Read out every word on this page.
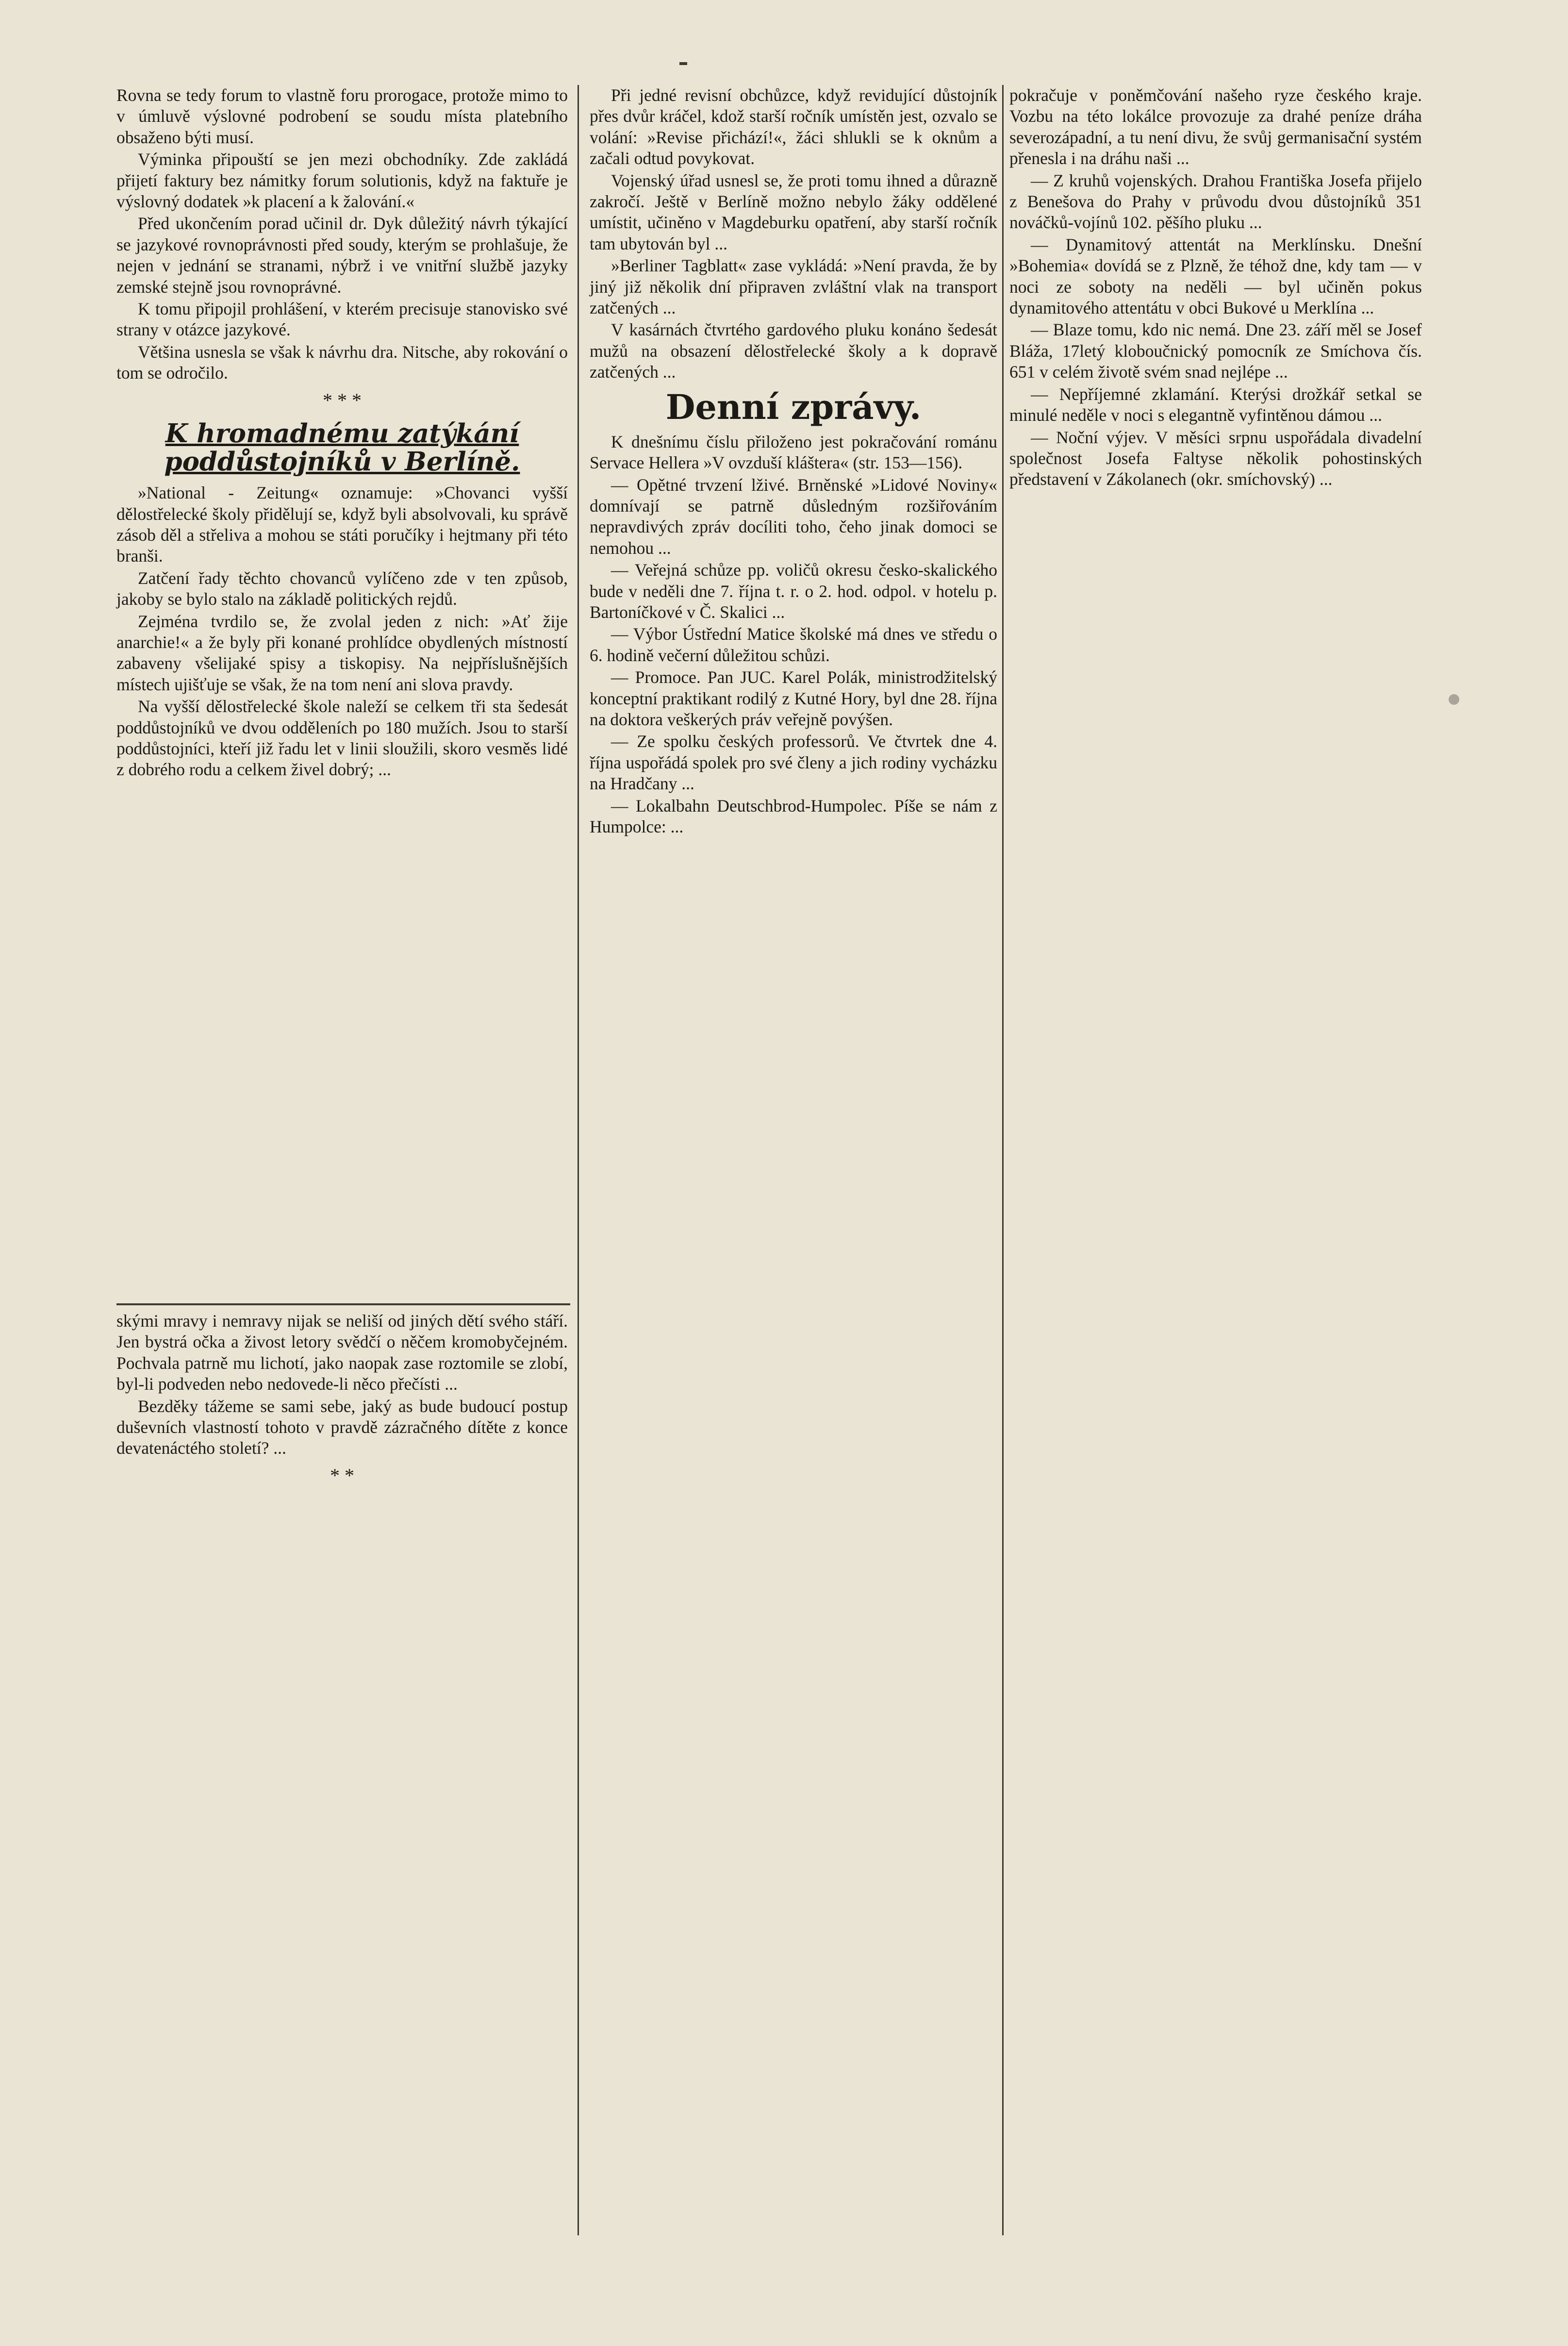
Rovna se tedy forum to vlastně foru prorogace, protože mimo to v úmluvě výslovné podrobení se soudu místa platebního obsaženo býti musí.

Výminka připouští se jen mezi obchodníky. Zde zakládá přijetí faktury bez námitky forum solutionis, když na faktuře je výslovný dodatek »k placení a k žalování.«

Před ukončením porad učinil dr. Dyk důležitý návrh týkající se jazykové rovnoprávnosti před soudy, kterým se prohlašuje, že nejen v jednání se stranami, nýbrž i ve vnitřní službě jazyky zemské stejně jsou rovnoprávné.

K tomu připojil prohlášení, v kterém precisuje stanovisko své strany v otázce jazykové.

Většina usnesla se však k návrhu dra. Nitsche, aby rokování o tom se odročilo.

* * *
K hromadnému zatýkání poddůstojníků v Berlíně.

»National - Zeitung« oznamuje: »Chovanci vyšší dělostřelecké školy přidělují se, když byli absolvovali, ku správě zásob děl a střeliva a mohou se státi poručíky i hejtmany při této branši.

Zatčení řady těchto chovanců vylíčeno zde v ten způsob, jakoby se bylo stalo na základě politických rejdů.

Zejména tvrdilo se, že zvolal jeden z nich: »Ať žije anarchie!« a že byly při konané prohlídce obydlených místností zabaveny všelijaké spisy a tiskopisy. Na nejpříslušnějších místech ujišťuje se však, že na tom není ani slova pravdy.

Na vyšší dělostřelecké škole naleží se celkem tři sta šedesát poddůstojníků ve dvou odděleních po 180 mužích. Jsou to starší poddůstojníci, kteří již řadu let v linii sloužili, skoro vesměs lidé z dobrého rodu a celkem živel dobrý; ...

skými mravy i nemravy nijak se neliší od jiných dětí svého stáří. Jen bystrá očka a živost letory svědčí o něčem kromobyčejném. Pochvala patrně mu lichotí, jako naopak zase roztomile se zlobí, byl-li podveden nebo nedovede-li něco přečísti ...

Bezděky tážeme se sami sebe, jaký as bude budoucí postup duševních vlastností tohoto v pravdě zázračného dítěte z konce devatenáctého století? ...

* *

Při jedné revisní obchůzce, když revidující důstojník přes dvůr kráčel, kdož starší ročník umístěn jest, ozvalo se volání: »Revise přichází!«, žáci shlukli se k oknům a začali odtud povykovat.

Vojenský úřad usnesl se, že proti tomu ihned a důrazně zakročí. Ještě v Berlíně možno nebylo žáky oddělené umístit, učiněno v Magdeburku opatření, aby starší ročník tam ubytován byl ...

»Berliner Tagblatt« zase vykládá: »Není pravda, že by jiný již několik dní připraven zvláštní vlak na transport zatčených ...

V kasárnách čtvrtého gardového pluku konáno šedesát mužů na obsazení dělostřelecké školy a k dopravě zatčených ...

Denní zprávy.

K dnešnímu číslu přiloženo jest pokračování románu Servace Hellera »V ovzduší kláštera« (str. 153—156).

— Opětné trvzení lživé. Brněnské »Lidové Noviny« domnívají se patrně důsledným rozšiřováním nepravdivých zpráv docíliti toho, čeho jinak domoci se nemohou ...

— Veřejná schůze pp. voličů okresu česko-skalického bude v neděli dne 7. října t. r. o 2. hod. odpol. v hotelu p. Bartoníčkové v Č. Skalici ...

— Výbor Ústřední Matice školské má dnes ve středu o 6. hodině večerní důležitou schůzi.

— Promoce. Pan JUC. Karel Polák, ministrodžitelský konceptní praktikant rodilý z Kutné Hory, byl dne 28. října na doktora veškerých práv veřejně povýšen.

— Ze spolku českých professorů. Ve čtvrtek dne 4. října uspořádá spolek pro své členy a jich rodiny vycházku na Hradčany ...

— Lokalbahn Deutschbrod-Humpolec. Píše se nám z Humpolce: ...

pokračuje v poněmčování našeho ryze českého kraje. Vozbu na této lokálce provozuje za drahé peníze dráha severozápadní, a tu není divu, že svůj germanisační systém přenesla i na dráhu naši ...

— Z kruhů vojenských. Drahou Františka Josefa přijelo z Benešova do Prahy v průvodu dvou důstojníků 351 nováčků-vojínů 102. pěšího pluku ...

— Dynamitový attentát na Merklínsku. Dnešní »Bohemia« dovídá se z Plzně, že téhož dne, kdy tam — v noci ze soboty na neděli — byl učiněn pokus dynamitového attentátu v obci Bukové u Merklína ...

— Blaze tomu, kdo nic nemá. Dne 23. září měl se Josef Bláža, 17letý kloboučnický pomocník ze Smíchova čís. 651 v celém životě svém snad nejlépe ...

— Nepříjemné zklamání. Kterýsi drožkář setkal se minulé neděle v noci s elegantně vyfintěnou dámou ...

— Noční výjev. V měsíci srpnu uspořádala divadelní společnost Josefa Faltyse několik pohostinských představení v Zákolanech (okr. smíchovský) ...
